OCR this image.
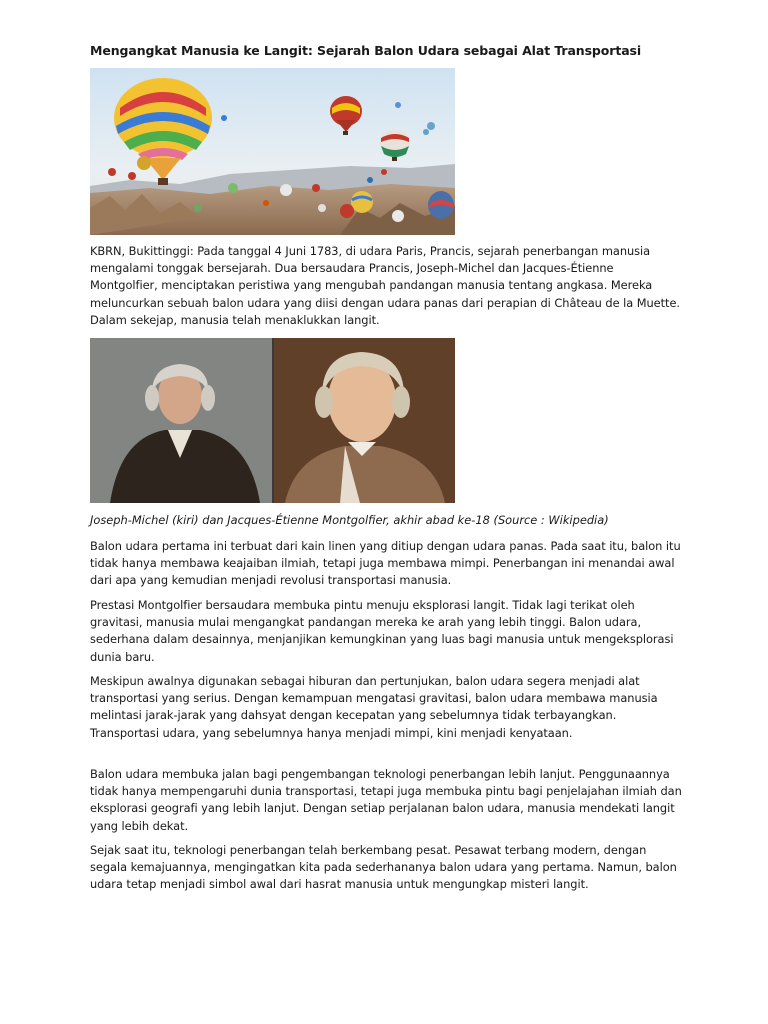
Mengangkat Manusia ke Langit: Sejarah Balon Udara sebagai Alat Transportasi

KBRN, Bukittinggi: Pada tanggal 4 Juni 1783, di udara Paris, Prancis, sejarah penerbangan manusia mengalami tonggak bersejarah. Dua bersaudara Prancis, Joseph-Michel dan Jacques-Étienne Montgolfier, menciptakan peristiwa yang mengubah pandangan manusia tentang angkasa. Mereka meluncurkan sebuah balon udara yang diisi dengan udara panas dari perapian di Château de la Muette. Dalam sekejap, manusia telah menaklukkan langit.

Joseph-Michel (kiri) dan Jacques-Étienne Montgolfier, akhir abad ke-18 (Source : Wikipedia)

Balon udara pertama ini terbuat dari kain linen yang ditiup dengan udara panas. Pada saat itu, balon itu tidak hanya membawa keajaiban ilmiah, tetapi juga membawa mimpi. Penerbangan ini menandai awal dari apa yang kemudian menjadi revolusi transportasi manusia.

Prestasi Montgolfier bersaudara membuka pintu menuju eksplorasi langit. Tidak lagi terikat oleh gravitasi, manusia mulai mengangkat pandangan mereka ke arah yang lebih tinggi. Balon udara, sederhana dalam desainnya, menjanjikan kemungkinan yang luas bagi manusia untuk mengeksplorasi dunia baru.

Meskipun awalnya digunakan sebagai hiburan dan pertunjukan, balon udara segera menjadi alat transportasi yang serius. Dengan kemampuan mengatasi gravitasi, balon udara membawa manusia melintasi jarak-jarak yang dahsyat dengan kecepatan yang sebelumnya tidak terbayangkan. Transportasi udara, yang sebelumnya hanya menjadi mimpi, kini menjadi kenyataan.

Balon udara membuka jalan bagi pengembangan teknologi penerbangan lebih lanjut. Penggunaannya tidak hanya mempengaruhi dunia transportasi, tetapi juga membuka pintu bagi penjelajahan ilmiah dan eksplorasi geografi yang lebih lanjut. Dengan setiap perjalanan balon udara, manusia mendekati langit yang lebih dekat.

Sejak saat itu, teknologi penerbangan telah berkembang pesat. Pesawat terbang modern, dengan segala kemajuannya, mengingatkan kita pada sederhananya balon udara yang pertama. Namun, balon udara tetap menjadi simbol awal dari hasrat manusia untuk mengungkap misteri langit.
